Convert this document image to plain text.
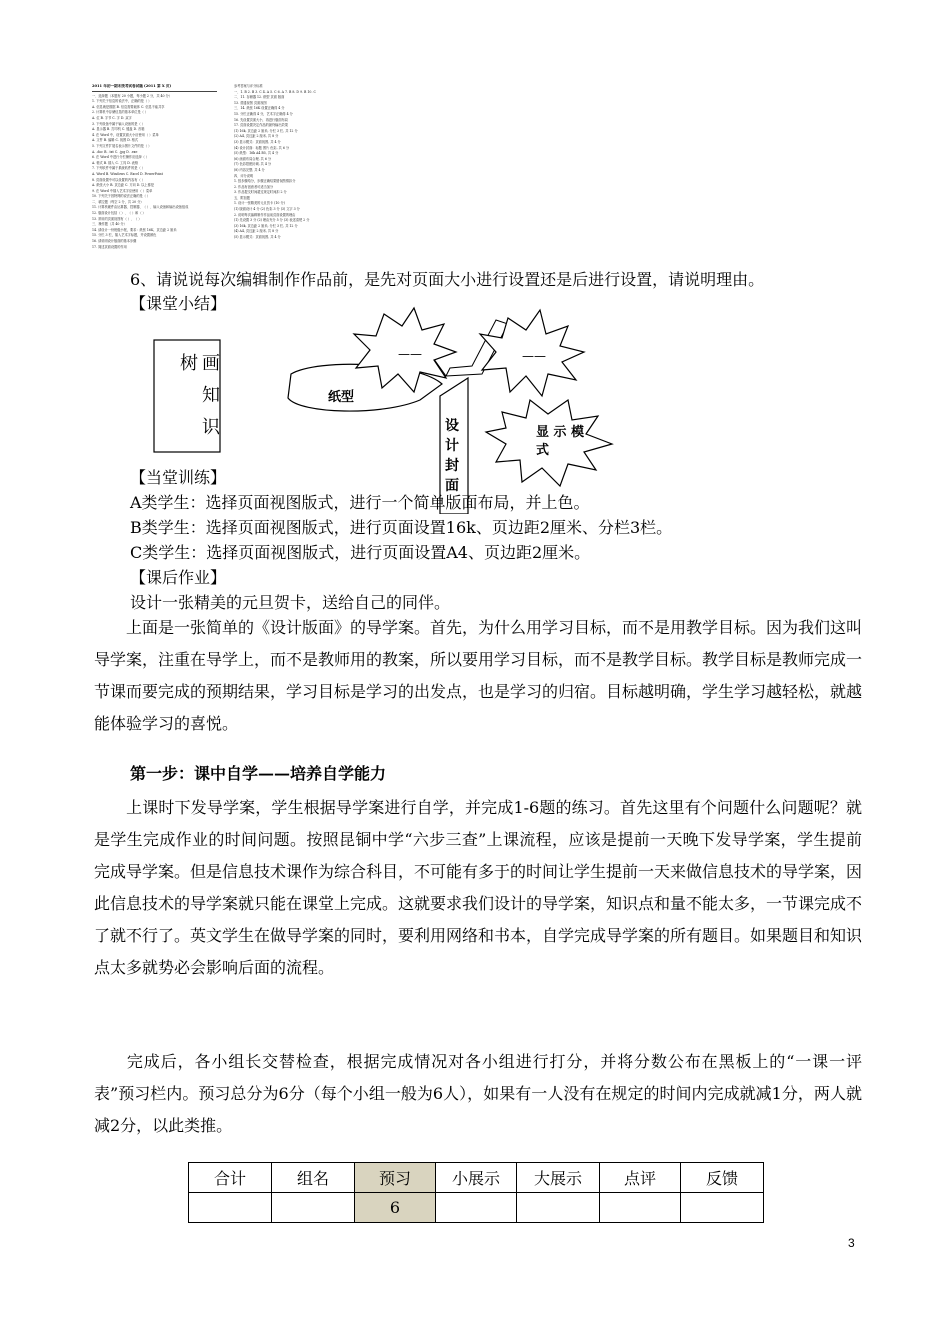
2011 年初一期末统考试卷试题 (2011 第 X 页)
一、选择题（本题有 20 小题，每小题 2 分，共 40 分）
1. 下列关于信息的说法中，正确的是（ ）
A. 信息就是数据 B. 信息需要载体 C. 信息不能共享
2. 计算机中存储信息的基本单位是（ ）
A. 位 B. 字节 C. 字 D. 双字
3. 下列设备中属于输入设备的是（ ）
A. 显示器 B. 打印机 C. 键盘 D. 音箱
4. 在 Word 中，设置页面大小应使用（ ）菜单
A. 文件 B. 编辑 C. 视图 D. 格式
5. 下列文件扩展名表示图片文件的是（ ）
A. .doc B. .txt C. .jpg D. .exe
6. 在 Word 中进行分栏操作应选择（ ）
A. 格式 B. 插入 C. 工具 D. 表格
7. 下列软件中属于系统软件的是（ ）
A. Word B. Windows C. Excel D. PowerPoint
8. 页面设置中可以设置的内容有（ ）
A. 纸张大小 B. 页边距 C. 方向 D. 以上都是
9. 在 Word 中插入艺术字应使用（ ）菜单
10. 下列关于因特网的说法正确的是（ ）
二、填空题（每空 2 分，共 20 分）
11. 计算机硬件由运算器、控制器、（ ）、输入设备和输出设备组成
12. 版面设计包括（ ）、（ ）和（ ）
13. 常用的页面视图有（ ）、（ ）
三、操作题（共 40 分）
14. 请设计一份班级小报，要求：纸张 16K，页边距 2 厘米
15. 分栏 3 栏，插入艺术字标题，并设置颜色
16. 请说明设计版面的基本步骤
17. 简述页面设置的作用
参考答案与评分标准
一、1. B 2. B 3. C 4. A 5. C 6. A 7. B 8. D 9. B 10. C
二、11. 存储器 12. 纸型 页面 版面
13. 普通视图 页面视图
三、14. 纸张 16K 设置正确得 4 分
15. 分栏正确得 4 分，艺术字正确得 4 分
16. 先设置页面大小，再进行版面布局
17. 页面设置决定作品的最终输出效果
(1) 16k, 页边距 2 厘米, 分栏 3 栏, 共 12 分
(2) A4, 页边距 2 厘米, 共 8 分
(3) 显示模式：页面视图, 共 4 分
(4) 设计封面：标题 图片 色彩, 共 6 分
(5) 纸型：16k A4 B5, 共 4 分
(6) 画面布局合理, 共 6 分
(7) 色彩搭配协调, 共 4 分
(8) 内容完整, 共 4 分
四、评分说明
1. 按步骤给分，步骤正确结果错误酌情扣分
2. 作品有创意者可适当加分
3. 作品提交时间超过规定时间扣 2 分
五、附加题
1. 设计一张精美的元旦贺卡 (10 分)
(1) 版面设计 4 分 (2) 色彩 3 分 (3) 文字 3 分
2. 说明每次编辑制作作品前页面设置的理由
(1) 先设置 3 分 (2) 理由充分 5 分 (3) 表述清楚 2 分
(3) 16k, 页边距 2 厘米, 分栏 3 栏, 共 12 分
(4) A4, 页边距 2 厘米, 共 8 分
(5) 显示模式：页面视图, 共 4 分
6、请说说每次编辑制作作品前，是先对页面大小进行设置还是后进行设置，请说明理由。
【课堂小结】
树 画
知
识
纸型
——	——
显 示 模
式
设
计
封
面
【当堂训练】
A类学生：选择页面视图版式，进行一个简单版面布局，并上色。
B类学生：选择页面视图版式，进行页面设置16k、页边距2厘米、分栏3栏。
C类学生：选择页面视图版式，进行页面设置A4、页边距2厘米。
【课后作业】
设计一张精美的元旦贺卡，送给自己的同伴。
上面是一张简单的《设计版面》的导学案。首先，为什么用学习目标，而不是用教学目标。因为我们这叫导学案，注重在导学上，而不是教师用的教案，所以要用学习目标，而不是教学目标。教学目标是教师完成一节课而要完成的预期结果，学习目标是学习的出发点，也是学习的归宿。目标越明确，学生学习越轻松，就越能体验学习的喜悦。
第一步：课中自学——培养自学能力
上课时下发导学案，学生根据导学案进行自学，并完成1-6题的练习。首先这里有个问题什么问题呢？就是学生完成作业的时间问题。按照昆铜中学“六步三查”上课流程，应该是提前一天晚下发导学案，学生提前完成导学案。但是信息技术课作为综合科目，不可能有多于的时间让学生提前一天来做信息技术的导学案，因此信息技术的导学案就只能在课堂上完成。这就要求我们设计的导学案，知识点和量不能太多，一节课完成不了就不行了。英文学生在做导学案的同时，要利用网络和书本，自学完成导学案的所有题目。如果题目和知识点太多就势必会影响后面的流程。
完成后，各小组长交替检查，根据完成情况对各小组进行打分，并将分数公布在黑板上的“一课一评表”预习栏内。预习总分为6分（每个小组一般为6人），如果有一人没有在规定的时间内完成就减1分，两人就减2分，以此类推。
合计	组名	预习	小展示	大展示	点评	反馈
		6				
3
